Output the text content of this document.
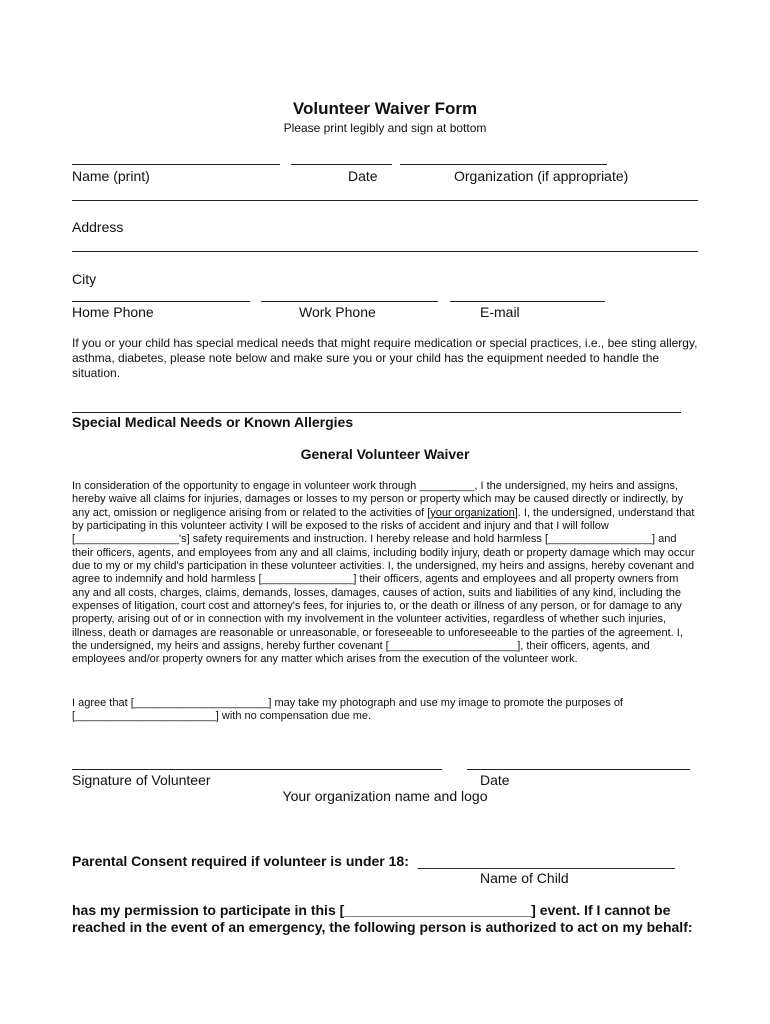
Volunteer Waiver Form
Please print legibly and sign at bottom
Name (print)	Date	Organization (if appropriate)
Address
City
Home Phone	Work Phone	E-mail
If you or your child has special medical needs that might require medication or special practices, i.e., bee sting allergy, asthma, diabetes, please note below and make sure you or your child has the equipment needed to handle the situation.
Special Medical Needs or Known Allergies
General Volunteer Waiver
In consideration of the opportunity to engage in volunteer work through _________, I the undersigned, my heirs and assigns, hereby waive all claims for injuries, damages or losses to my person or property which may be caused directly or indirectly, by any act, omission or negligence arising from or related to the activities of [your organization]. I, the undersigned, understand that by participating in this volunteer activity I will be exposed to the risks of accident and injury and that I will follow [_________________'s] safety requirements and instruction. I hereby release and hold harmless [_________________] and their officers, agents, and employees from any and all claims, including bodily injury, death or property damage which may occur due to my or my child's participation in these volunteer activities. I, the undersigned, my heirs and assigns, hereby covenant and agree to indemnify and hold harmless [_______________] their officers, agents and employees and all property owners from any and all costs, charges, claims, demands, losses, damages, causes of action, suits and liabilities of any kind, including the expenses of litigation, court cost and attorney's fees, for injuries to, or the death or illness of any person, or for damage to any property, arising out of or in connection with my involvement in the volunteer activities, regardless of whether such injuries, illness, death or damages are reasonable or unreasonable, or foreseeable to unforeseeable to the parties of the agreement. I, the undersigned, my heirs and assigns, hereby further covenant [_____________________], their officers, agents, and employees and/or property owners for any matter which arises from the execution of the volunteer work.
I agree that [______________________] may take my photograph and use my image to promote the purposes of [_______________________] with no compensation due me.
Signature of Volunteer	Date
Your organization name and logo
Parental Consent required if volunteer is under 18: _________________________________
Name of Child
has my permission to participate in this [________________________] event. If I cannot be reached in the event of an emergency, the following person is authorized to act on my behalf:
